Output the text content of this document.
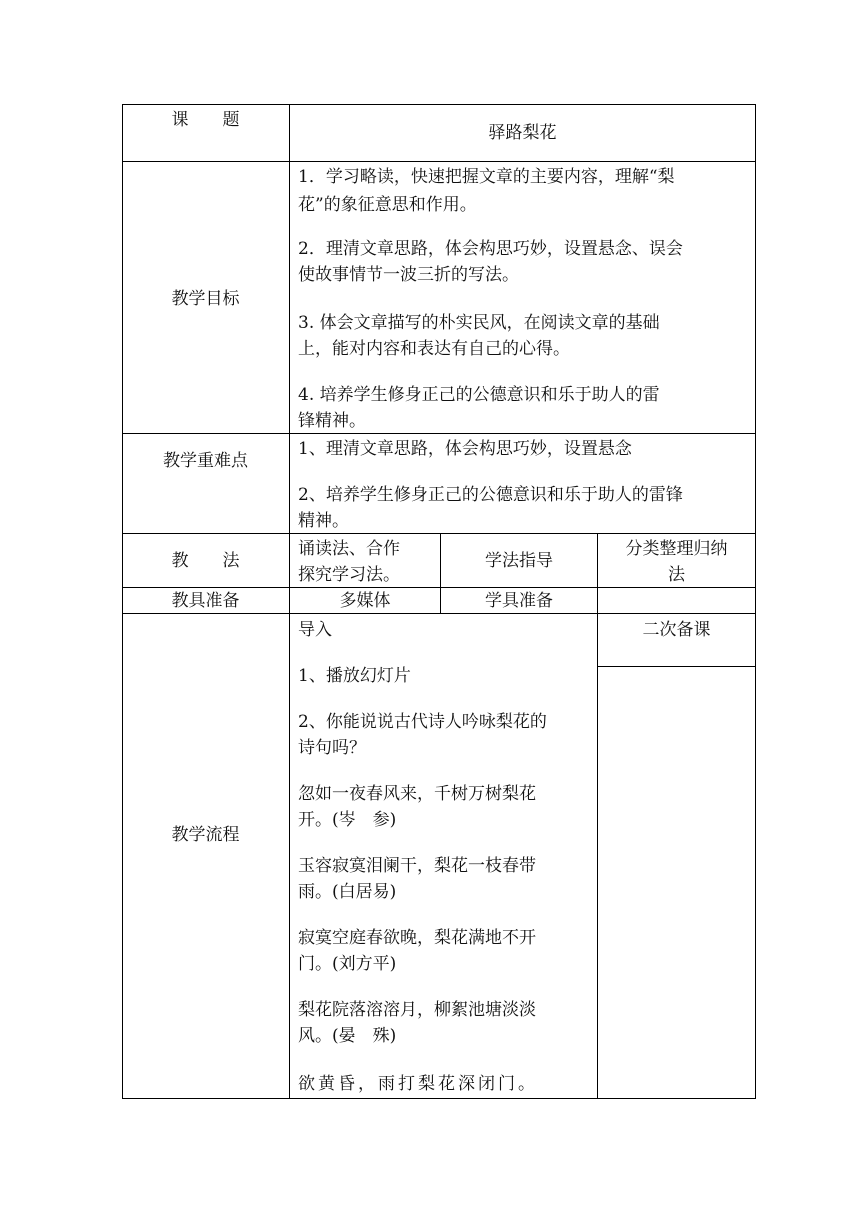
课　　题
驿路梨花
教学目标
1．学习略读，快速把握文章的主要内容，理解“梨
花”的象征意思和作用。
2．理清文章思路，体会构思巧妙，设置悬念、误会
使故事情节一波三折的写法。
3. 体会文章描写的朴实民风，在阅读文章的基础
上，能对内容和表达有自己的心得。
4. 培养学生修身正己的公德意识和乐于助人的雷
锋精神。
教学重难点
1、理清文章思路，体会构思巧妙，设置悬念
2、培养学生修身正己的公德意识和乐于助人的雷锋
精神。
教　　法
诵读法、合作
探究学习法。
学法指导
分类整理归纳
法
教具准备	多媒体	学具准备
教学流程
二次备课
导入
1、播放幻灯片
2、你能说说古代诗人吟咏梨花的
诗句吗？
忽如一夜春风来，千树万树梨花
开。(岑　参)
玉容寂寞泪阑干，梨花一枝春带
雨。(白居易)
寂寞空庭春欲晚，梨花满地不开
门。(刘方平)
梨花院落溶溶月，柳絮池塘淡淡
风。(晏　殊)
欲黄昏，雨打梨花深闭门。
